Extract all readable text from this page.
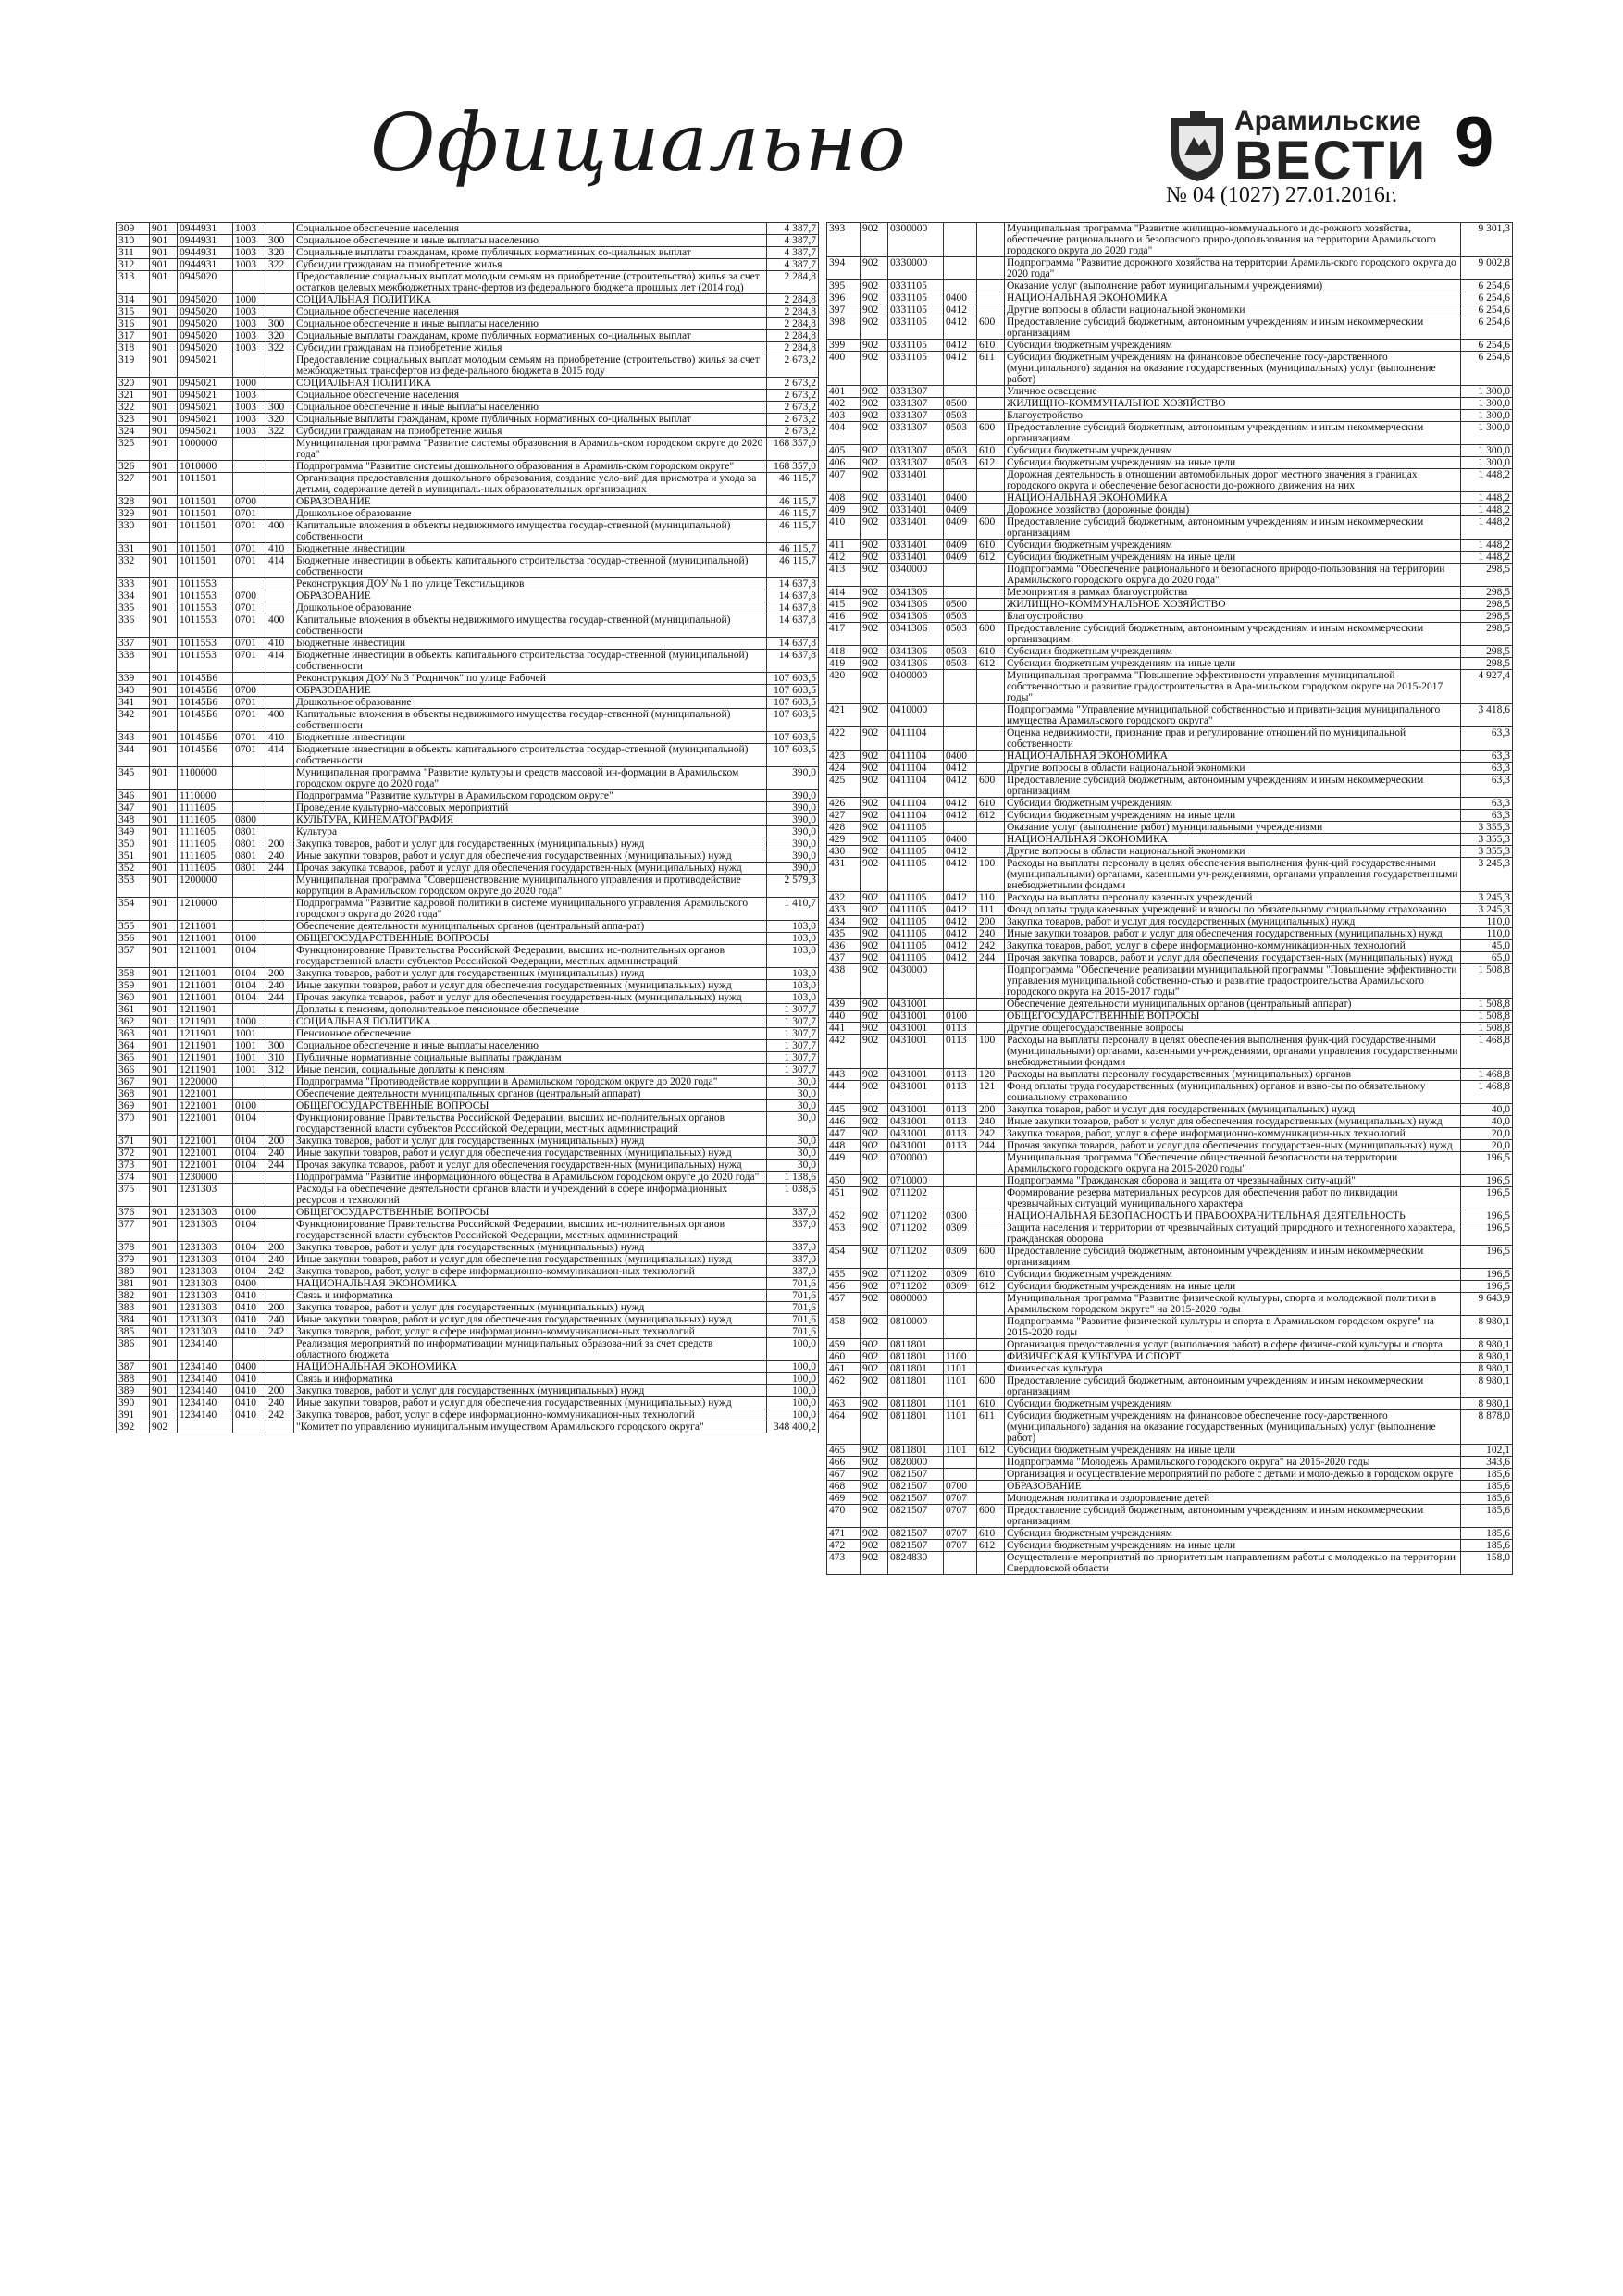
Официально	Арамильские
ВЕСТИ 9
№ 04 (1027) 27.01.2016г.
309	901	0944931	1003		Социальное обеспечение населения	4 387,7
310	901	0944931	1003	300	Социальное обеспечение и иные выплаты населению	4 387,7
311	901	0944931	1003	320	Социальные выплаты гражданам, кроме публичных нормативных со-циальных выплат	4 387,7
312	901	0944931	1003	322	Субсидии гражданам на приобретение жилья	4 387,7
313	901	0945020			Предоставление социальных выплат молодым семьям на приобретение (строительство) жилья за счет остатков целевых межбюджетных транс-фертов из федерального бюджета прошлых лет (2014 год)	2 284,8
314	901	0945020	1000		СОЦИАЛЬНАЯ ПОЛИТИКА	2 284,8
315	901	0945020	1003		Социальное обеспечение населения	2 284,8
316	901	0945020	1003	300	Социальное обеспечение и иные выплаты населению	2 284,8
317	901	0945020	1003	320	Социальные выплаты гражданам, кроме публичных нормативных со-циальных выплат	2 284,8
318	901	0945020	1003	322	Субсидии гражданам на приобретение жилья	2 284,8
319	901	0945021			Предоставление социальных выплат молодым семьям на приобретение (строительство) жилья за счет межбюджетных трансфертов из феде-рального бюджета в 2015 году	2 673,2
320	901	0945021	1000		СОЦИАЛЬНАЯ ПОЛИТИКА	2 673,2
321	901	0945021	1003		Социальное обеспечение населения	2 673,2
322	901	0945021	1003	300	Социальное обеспечение и иные выплаты населению	2 673,2
323	901	0945021	1003	320	Социальные выплаты гражданам, кроме публичных нормативных со-циальных выплат	2 673,2
324	901	0945021	1003	322	Субсидии гражданам на приобретение жилья	2 673,2
325	901	1000000			Муниципальная программа "Развитие системы образования в Арамиль-ском городском округе до 2020 года"	168 357,0
326	901	1010000			Подпрограмма "Развитие системы дошкольного образования в Арамиль-ском городском округе"	168 357,0
327	901	1011501			Организация предоставления дошкольного образования, создание усло-вий для присмотра и ухода за детьми, содержание детей в муниципаль-ных образовательных организациях	46 115,7
328	901	1011501	0700		ОБРАЗОВАНИЕ	46 115,7
329	901	1011501	0701		Дошкольное образование	46 115,7
330	901	1011501	0701	400	Капитальные вложения в объекты недвижимого имущества государ-ственной (муниципальной) собственности	46 115,7
331	901	1011501	0701	410	Бюджетные инвестиции	46 115,7
332	901	1011501	0701	414	Бюджетные инвестиции в объекты капитального строительства государ-ственной (муниципальной) собственности	46 115,7
333	901	1011553			Реконструкция ДОУ № 1 по улице Текстильщиков	14 637,8
334	901	1011553	0700		ОБРАЗОВАНИЕ	14 637,8
335	901	1011553	0701		Дошкольное образование	14 637,8
336	901	1011553	0701	400	Капитальные вложения в объекты недвижимого имущества государ-ственной (муниципальной) собственности	14 637,8
337	901	1011553	0701	410	Бюджетные инвестиции	14 637,8
338	901	1011553	0701	414	Бюджетные инвестиции в объекты капитального строительства государ-ственной (муниципальной) собственности	14 637,8
339	901	10145Б6			Реконструкция ДОУ № 3 "Родничок" по улице Рабочей	107 603,5
340	901	10145Б6	0700		ОБРАЗОВАНИЕ	107 603,5
341	901	10145Б6	0701		Дошкольное образование	107 603,5
342	901	10145Б6	0701	400	Капитальные вложения в объекты недвижимого имущества государ-ственной (муниципальной) собственности	107 603,5
343	901	10145Б6	0701	410	Бюджетные инвестиции	107 603,5
344	901	10145Б6	0701	414	Бюджетные инвестиции в объекты капитального строительства государ-ственной (муниципальной) собственности	107 603,5
345	901	1100000			Муниципальная программа "Развитие культуры и средств массовой ин-формации в Арамильском городском округе до 2020 года"	390,0
346	901	1110000			Подпрограмма "Развитие культуры в Арамильском городском округе"	390,0
347	901	1111605			Проведение культурно-массовых мероприятий	390,0
348	901	1111605	0800		КУЛЬТУРА, КИНЕМАТОГРАФИЯ	390,0
349	901	1111605	0801		Культура	390,0
350	901	1111605	0801	200	Закупка товаров, работ и услуг для государственных (муниципальных) нужд	390,0
351	901	1111605	0801	240	Иные закупки товаров, работ и услуг для обеспечения государственных (муниципальных) нужд	390,0
352	901	1111605	0801	244	Прочая закупка товаров, работ и услуг для обеспечения государствен-ных (муниципальных) нужд	390,0
353	901	1200000			Муниципальная программа "Совершенствование муниципального управления и противодействие коррупции в Арамильском городском округе до 2020 года"	2 579,3
354	901	1210000			Подпрограмма "Развитие кадровой политики в системе муниципального управления Арамильского городского округа до 2020 года"	1 410,7
355	901	1211001			Обеспечение деятельности муниципальных органов (центральный аппа-рат)	103,0
356	901	1211001	0100		ОБЩЕГОСУДАРСТВЕННЫЕ ВОПРОСЫ	103,0
357	901	1211001	0104		Функционирование Правительства Российской Федерации, высших ис-полнительных органов государственной власти субъектов Российской Федерации, местных администраций	103,0
358	901	1211001	0104	200	Закупка товаров, работ и услуг для государственных (муниципальных) нужд	103,0
359	901	1211001	0104	240	Иные закупки товаров, работ и услуг для обеспечения государственных (муниципальных) нужд	103,0
360	901	1211001	0104	244	Прочая закупка товаров, работ и услуг для обеспечения государствен-ных (муниципальных) нужд	103,0
361	901	1211901			Доплаты к пенсиям, дополнительное пенсионное обеспечение	1 307,7
362	901	1211901	1000		СОЦИАЛЬНАЯ ПОЛИТИКА	1 307,7
363	901	1211901	1001		Пенсионное обеспечение	1 307,7
364	901	1211901	1001	300	Социальное обеспечение и иные выплаты населению	1 307,7
365	901	1211901	1001	310	Публичные нормативные социальные выплаты гражданам	1 307,7
366	901	1211901	1001	312	Иные пенсии, социальные доплаты к пенсиям	1 307,7
367	901	1220000			Подпрограмма "Противодействие коррупции в Арамильском городском округе до 2020 года"	30,0
368	901	1221001			Обеспечение деятельности муниципальных органов (центральный аппарат)	30,0
369	901	1221001	0100		ОБЩЕГОСУДАРСТВЕННЫЕ ВОПРОСЫ	30,0
370	901	1221001	0104		Функционирование Правительства Российской Федерации, высших ис-полнительных органов государственной власти субъектов Российской Федерации, местных администраций	30,0
371	901	1221001	0104	200	Закупка товаров, работ и услуг для государственных (муниципальных) нужд	30,0
372	901	1221001	0104	240	Иные закупки товаров, работ и услуг для обеспечения государственных (муниципальных) нужд	30,0
373	901	1221001	0104	244	Прочая закупка товаров, работ и услуг для обеспечения государствен-ных (муниципальных) нужд	30,0
374	901	1230000			Подпрограмма "Развитие информационного общества в Арамильском городском округе до 2020 года"	1 138,6
375	901	1231303			Расходы на обеспечение деятельности органов власти и учреждений в сфере информационных ресурсов и технологий	1 038,6
376	901	1231303	0100		ОБЩЕГОСУДАРСТВЕННЫЕ ВОПРОСЫ	337,0
377	901	1231303	0104		Функционирование Правительства Российской Федерации, высших ис-полнительных органов государственной власти субъектов Российской Федерации, местных администраций	337,0
378	901	1231303	0104	200	Закупка товаров, работ и услуг для государственных (муниципальных) нужд	337,0
379	901	1231303	0104	240	Иные закупки товаров, работ и услуг для обеспечения государственных (муниципальных) нужд	337,0
380	901	1231303	0104	242	Закупка товаров, работ, услуг в сфере информационно-коммуникацион-ных технологий	337,0
381	901	1231303	0400		НАЦИОНАЛЬНАЯ ЭКОНОМИКА	701,6
382	901	1231303	0410		Связь и информатика	701,6
383	901	1231303	0410	200	Закупка товаров, работ и услуг для государственных (муниципальных) нужд	701,6
384	901	1231303	0410	240	Иные закупки товаров, работ и услуг для обеспечения государственных (муниципальных) нужд	701,6
385	901	1231303	0410	242	Закупка товаров, работ, услуг в сфере информационно-коммуникацион-ных технологий	701,6
386	901	1234140			Реализация мероприятий по информатизации муниципальных образова-ний за счет средств областного бюджета	100,0
387	901	1234140	0400		НАЦИОНАЛЬНАЯ ЭКОНОМИКА	100,0
388	901	1234140	0410		Связь и информатика	100,0
389	901	1234140	0410	200	Закупка товаров, работ и услуг для государственных (муниципальных) нужд	100,0
390	901	1234140	0410	240	Иные закупки товаров, работ и услуг для обеспечения государственных (муниципальных) нужд	100,0
391	901	1234140	0410	242	Закупка товаров, работ, услуг в сфере информационно-коммуникацион-ных технологий	100,0
392	902				"Комитет по управлению муниципальным имуществом Арамильского городского округа"	348 400,2
393	902	0300000			Муниципальная программа "Развитие жилищно-коммунального и до-рожного хозяйства, обеспечение рационального и безопасного приро-допользования на территории Арамильского городского округа до 2020 года"	9 301,3
394	902	0330000			Подпрограмма "Развитие дорожного хозяйства на территории Арамиль-ского городского округа до 2020 года"	9 002,8
395	902	0331105			Оказание услуг (выполнение работ муниципальными учреждениями)	6 254,6
396	902	0331105	0400		НАЦИОНАЛЬНАЯ ЭКОНОМИКА	6 254,6
397	902	0331105	0412		Другие вопросы в области национальной экономики	6 254,6
398	902	0331105	0412	600	Предоставление субсидий бюджетным, автономным учреждениям и иным некоммерческим организациям	6 254,6
399	902	0331105	0412	610	Субсидии бюджетным учреждениям	6 254,6
400	902	0331105	0412	611	Субсидии бюджетным учреждениям на финансовое обеспечение госу-дарственного (муниципального) задания на оказание государственных (муниципальных) услуг (выполнение работ)	6 254,6
401	902	0331307			Уличное освещение	1 300,0
402	902	0331307	0500		ЖИЛИЩНО-КОММУНАЛЬНОЕ ХОЗЯЙСТВО	1 300,0
403	902	0331307	0503		Благоустройство	1 300,0
404	902	0331307	0503	600	Предоставление субсидий бюджетным, автономным учреждениям и иным некоммерческим организациям	1 300,0
405	902	0331307	0503	610	Субсидии бюджетным учреждениям	1 300,0
406	902	0331307	0503	612	Субсидии бюджетным учреждениям на иные цели	1 300,0
407	902	0331401			Дорожная деятельность в отношении автомобильных дорог местного значения в границах городского округа и обеспечение безопасности до-рожного движения на них	1 448,2
408	902	0331401	0400		НАЦИОНАЛЬНАЯ ЭКОНОМИКА	1 448,2
409	902	0331401	0409		Дорожное хозяйство (дорожные фонды)	1 448,2
410	902	0331401	0409	600	Предоставление субсидий бюджетным, автономным учреждениям и иным некоммерческим организациям	1 448,2
411	902	0331401	0409	610	Субсидии бюджетным учреждениям	1 448,2
412	902	0331401	0409	612	Субсидии бюджетным учреждениям на иные цели	1 448,2
413	902	0340000			Подпрограмма "Обеспечение рационального и безопасного природо-пользования на территории Арамильского городского округа до 2020 года"	298,5
414	902	0341306			Мероприятия в рамках благоустройства	298,5
415	902	0341306	0500		ЖИЛИЩНО-КОММУНАЛЬНОЕ ХОЗЯЙСТВО	298,5
416	902	0341306	0503		Благоустройство	298,5
417	902	0341306	0503	600	Предоставление субсидий бюджетным, автономным учреждениям и иным некоммерческим организациям	298,5
418	902	0341306	0503	610	Субсидии бюджетным учреждениям	298,5
419	902	0341306	0503	612	Субсидии бюджетным учреждениям на иные цели	298,5
420	902	0400000			Муниципальная программа "Повышение эффективности управления муниципальной собственностью и развитие градостроительства в Ара-мильском городском округе на 2015-2017 годы"	4 927,4
421	902	0410000			Подпрограмма "Управление муниципальной собственностью и привати-зация муниципального имущества Арамильского городского округа"	3 418,6
422	902	0411104			Оценка недвижимости, признание прав и регулирование отношений по муниципальной собственности	63,3
423	902	0411104	0400		НАЦИОНАЛЬНАЯ ЭКОНОМИКА	63,3
424	902	0411104	0412		Другие вопросы в области национальной экономики	63,3
425	902	0411104	0412	600	Предоставление субсидий бюджетным, автономным учреждениям и иным некоммерческим организациям	63,3
426	902	0411104	0412	610	Субсидии бюджетным учреждениям	63,3
427	902	0411104	0412	612	Субсидии бюджетным учреждениям на иные цели	63,3
428	902	0411105			Оказание услуг (выполнение работ) муниципальными учреждениями	3 355,3
429	902	0411105	0400		НАЦИОНАЛЬНАЯ ЭКОНОМИКА	3 355,3
430	902	0411105	0412		Другие вопросы в области национальной экономики	3 355,3
431	902	0411105	0412	100	Расходы на выплаты персоналу в целях обеспечения выполнения функ-ций государственными (муниципальными) органами, казенными уч-реждениями, органами управления государственными внебюджетными фондами	3 245,3
432	902	0411105	0412	110	Расходы на выплаты персоналу казенных учреждений	3 245,3
433	902	0411105	0412	111	Фонд оплаты труда казенных учреждений и взносы по обязательному социальному страхованию	3 245,3
434	902	0411105	0412	200	Закупка товаров, работ и услуг для государственных (муниципальных) нужд	110,0
435	902	0411105	0412	240	Иные закупки товаров, работ и услуг для обеспечения государственных (муниципальных) нужд	110,0
436	902	0411105	0412	242	Закупка товаров, работ, услуг в сфере информационно-коммуникацион-ных технологий	45,0
437	902	0411105	0412	244	Прочая закупка товаров, работ и услуг для обеспечения государствен-ных (муниципальных) нужд	65,0
438	902	0430000			Подпрограмма "Обеспечение реализации муниципальной программы "Повышение эффективности управления муниципальной собственно-стью и развитие градостроительства Арамильского городского округа на 2015-2017 годы"	1 508,8
439	902	0431001			Обеспечение деятельности муниципальных органов (центральный аппарат)	1 508,8
440	902	0431001	0100		ОБЩЕГОСУДАРСТВЕННЫЕ ВОПРОСЫ	1 508,8
441	902	0431001	0113		Другие общегосударственные вопросы	1 508,8
442	902	0431001	0113	100	Расходы на выплаты персоналу в целях обеспечения выполнения функ-ций государственными (муниципальными) органами, казенными уч-реждениями, органами управления государственными внебюджетными фондами	1 468,8
443	902	0431001	0113	120	Расходы на выплаты персоналу государственных (муниципальных) органов	1 468,8
444	902	0431001	0113	121	Фонд оплаты труда государственных (муниципальных) органов и взно-сы по обязательному социальному страхованию	1 468,8
445	902	0431001	0113	200	Закупка товаров, работ и услуг для государственных (муниципальных) нужд	40,0
446	902	0431001	0113	240	Иные закупки товаров, работ и услуг для обеспечения государственных (муниципальных) нужд	40,0
447	902	0431001	0113	242	Закупка товаров, работ, услуг в сфере информационно-коммуникацион-ных технологий	20,0
448	902	0431001	0113	244	Прочая закупка товаров, работ и услуг для обеспечения государствен-ных (муниципальных) нужд	20,0
449	902	0700000			Муниципальная программа "Обеспечение общественной безопасности на территории Арамильского городского округа на 2015-2020 годы"	196,5
450	902	0710000			Подпрограмма "Гражданская оборона и защита от чрезвычайных ситу-аций"	196,5
451	902	0711202			Формирование резерва материальных ресурсов для обеспечения работ по ликвидации чрезвычайных ситуаций муниципального характера	196,5
452	902	0711202	0300		НАЦИОНАЛЬНАЯ БЕЗОПАСНОСТЬ И ПРАВООХРАНИТЕЛЬНАЯ ДЕЯТЕЛЬНОСТЬ	196,5
453	902	0711202	0309		Защита населения и территории от чрезвычайных ситуаций природного и техногенного характера, гражданская оборона	196,5
454	902	0711202	0309	600	Предоставление субсидий бюджетным, автономным учреждениям и иным некоммерческим организациям	196,5
455	902	0711202	0309	610	Субсидии бюджетным учреждениям	196,5
456	902	0711202	0309	612	Субсидии бюджетным учреждениям на иные цели	196,5
457	902	0800000			Муниципальная программа "Развитие физической культуры, спорта и молодежной политики в Арамильском городском округе" на 2015-2020 годы	9 643,9
458	902	0810000			Подпрограмма "Развитие физической культуры и спорта в Арамильском городском округе" на 2015-2020 годы	8 980,1
459	902	0811801			Организация предоставления услуг (выполнения работ) в сфере физиче-ской культуры и спорта	8 980,1
460	902	0811801	1100		ФИЗИЧЕСКАЯ КУЛЬТУРА И СПОРТ	8 980,1
461	902	0811801	1101		Физическая культура	8 980,1
462	902	0811801	1101	600	Предоставление субсидий бюджетным, автономным учреждениям и иным некоммерческим организациям	8 980,1
463	902	0811801	1101	610	Субсидии бюджетным учреждениям	8 980,1
464	902	0811801	1101	611	Субсидии бюджетным учреждениям на финансовое обеспечение госу-дарственного (муниципального) задания на оказание государственных (муниципальных) услуг (выполнение работ)	8 878,0
465	902	0811801	1101	612	Субсидии бюджетным учреждениям на иные цели	102,1
466	902	0820000			Подпрограмма "Молодежь Арамильского городского округа" на 2015-2020 годы	343,6
467	902	0821507			Организация и осуществление мероприятий по работе с детьми и моло-дежью в городском округе	185,6
468	902	0821507	0700		ОБРАЗОВАНИЕ	185,6
469	902	0821507	0707		Молодежная политика и оздоровление детей	185,6
470	902	0821507	0707	600	Предоставление субсидий бюджетным, автономным учреждениям и иным некоммерческим организациям	185,6
471	902	0821507	0707	610	Субсидии бюджетным учреждениям	185,6
472	902	0821507	0707	612	Субсидии бюджетным учреждениям на иные цели	185,6
473	902	0824830			Осуществление мероприятий по приоритетным направлениям работы с молодежью на территории Свердловской области	158,0
